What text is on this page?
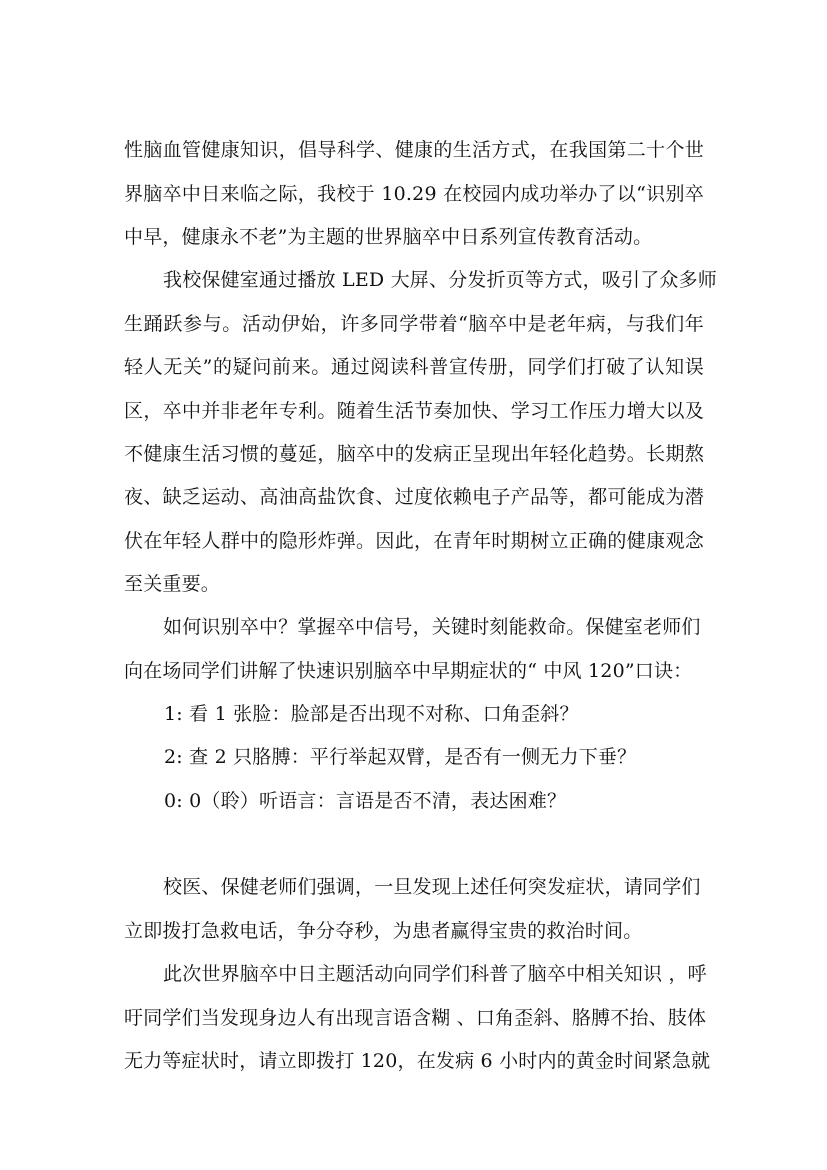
性脑血管健康知识，倡导科学、健康的生活方式，在我国第二十个世
界脑卒中日来临之际，我校于 10.29 在校园内成功举办了以“识别卒
中早，健康永不老”为主题的世界脑卒中日系列宣传教育活动。
我校保健室通过播放 LED 大屏、分发折页等方式，吸引了众多师
生踊跃参与。活动伊始，许多同学带着“脑卒中是老年病，与我们年
轻人无关”的疑问前来。通过阅读科普宣传册，同学们打破了认知误
区，卒中并非老年专利。随着生活节奏加快、学习工作压力增大以及
不健康生活习惯的蔓延，脑卒中的发病正呈现出年轻化趋势。长期熬
夜、缺乏运动、高油高盐饮食、过度依赖电子产品等，都可能成为潜
伏在年轻人群中的隐形炸弹。因此，在青年时期树立正确的健康观念
至关重要。
如何识别卒中？掌握卒中信号，关键时刻能救命。保健室老师们
向在场同学们讲解了快速识别脑卒中早期症状的“ 中风 120”口诀：
1: 看 1 张脸：脸部是否出现不对称、口角歪斜？
2: 查 2 只胳膊：平行举起双臂，是否有一侧无力下垂？
0: 0（聆）听语言：言语是否不清，表达困难？
校医、保健老师们强调，一旦发现上述任何突发症状，请同学们
立即拨打急救电话，争分夺秒，为患者赢得宝贵的救治时间。
此次世界脑卒中日主题活动向同学们科普了脑卒中相关知识 ，呼
吁同学们当发现身边人有出现言语含糊 、口角歪斜、胳膊不抬、肢体
无力等症状时，请立即拨打 120，在发病 6 小时内的黄金时间紧急就
